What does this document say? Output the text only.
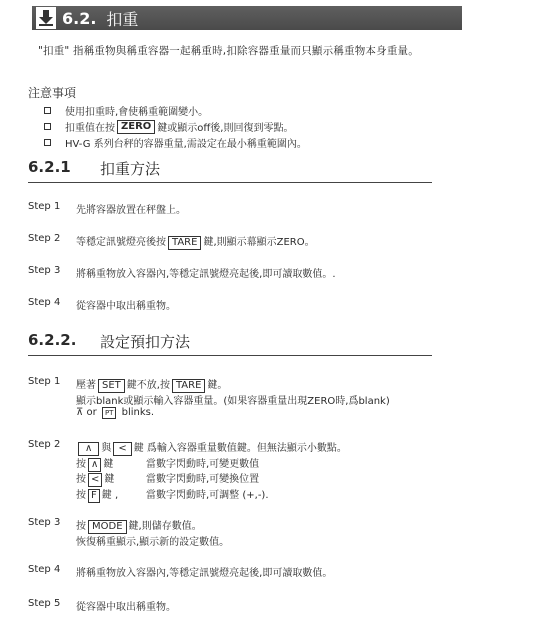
6.2. 扣重
"扣重" 指稱重物與稱重容器一起稱重時,扣除容器重量而只顯示稱重物本身重量。
注意事項
使用扣重時,會使稱重範圍變小。
扣重值在按 ZERO 鍵或顯示off後,則回復到零點。
HV-G 系列台秤的容器重量,需設定在最小稱重範圍內。
6.2.1 扣重方法
Step 1 先將容器放置在秤盤上。
Step 2 等穩定訊號燈亮後按 TARE 鍵,則顯示幕顯示ZERO。
Step 3 將稱重物放入容器內,等穩定訊號燈亮起後,即可讀取數值。.
Step 4 從容器中取出稱重物。
6.2.2. 設定預扣方法
Step 1 壓著 SET 鍵不放,按 TARE 鍵。
顯示blank或顯示輸入容器重量。(如果容器重量出現ZERO時,爲blank)
⊼ or PT blinks.
Step 2	∧ 與 < 鍵 爲輸入容器重量數值鍵。但無法顯示小數點。
按 ∧ 鍵	當數字閃動時,可變更數值
按 < 鍵	當數字閃動時,可變換位置
按 F 鍵 ,	當數字閃動時,可調整 (+,-).
Step 3 按 MODE 鍵,則儲存數值。
恢復稱重顯示,顯示新的設定數值。
Step 4 將稱重物放入容器內,等穩定訊號燈亮起後,即可讀取數值。
Step 5 從容器中取出稱重物。
